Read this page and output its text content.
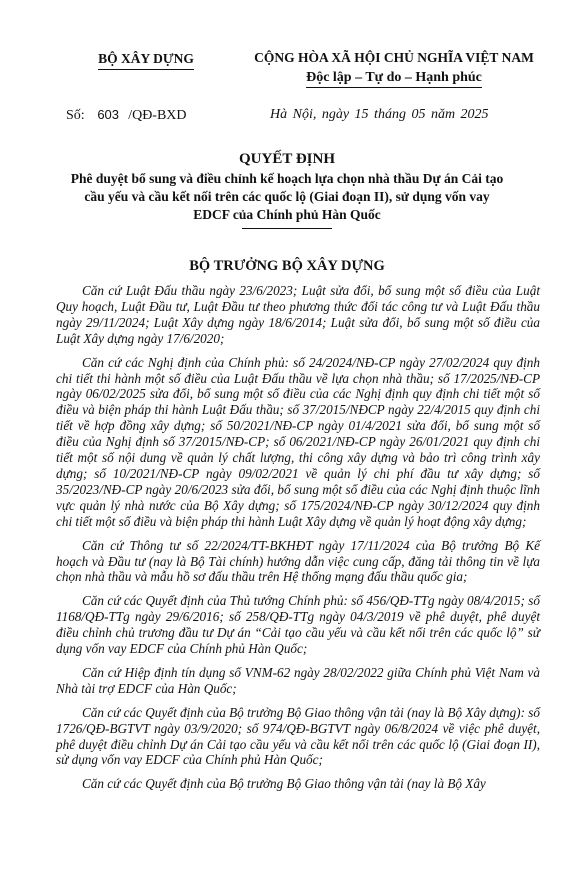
BỘ XÂY DỰNG	CỘNG HÒA XÃ HỘI CHỦ NGHĨA VIỆT NAM
Độc lập – Tự do – Hạnh phúc
Số: 603 /QĐ-BXD	Hà Nội, ngày 15 tháng 05 năm 2025
QUYẾT ĐỊNH
Phê duyệt bổ sung và điều chỉnh kế hoạch lựa chọn nhà thầu Dự án Cải tạo
cầu yếu và cầu kết nối trên các quốc lộ (Giai đoạn II), sử dụng vốn vay
EDCF của Chính phủ Hàn Quốc
BỘ TRƯỞNG BỘ XÂY DỰNG

Căn cứ Luật Đấu thầu ngày 23/6/2023; Luật sửa đổi, bổ sung một số điều của Luật Quy hoạch, Luật Đầu tư, Luật Đầu tư theo phương thức đối tác công tư và Luật Đấu thầu ngày 29/11/2024; Luật Xây dựng ngày 18/6/2014; Luật sửa đổi, bổ sung một số điều của Luật Xây dựng ngày 17/6/2020;

Căn cứ các Nghị định của Chính phủ: số 24/2024/NĐ-CP ngày 27/02/2024 quy định chi tiết thi hành một số điều của Luật Đấu thầu về lựa chọn nhà thầu; số 17/2025/NĐ-CP ngày 06/02/2025 sửa đổi, bổ sung một số điều của các Nghị định quy định chi tiết một số điều và biện pháp thi hành Luật Đấu thầu; số 37/2015/NĐCP ngày 22/4/2015 quy định chi tiết về hợp đồng xây dựng; số 50/2021/NĐ-CP ngày 01/4/2021 sửa đổi, bổ sung một số điều của Nghị định số 37/2015/NĐ-CP; số 06/2021/NĐ-CP ngày 26/01/2021 quy định chi tiết một số nội dung về quản lý chất lượng, thi công xây dựng và bảo trì công trình xây dựng; số 10/2021/NĐ-CP ngày 09/02/2021 về quản lý chi phí đầu tư xây dựng; số 35/2023/NĐ-CP ngày 20/6/2023 sửa đổi, bổ sung một số điều của các Nghị định thuộc lĩnh vực quản lý nhà nước của Bộ Xây dựng; số 175/2024/NĐ-CP ngày 30/12/2024 quy định chi tiết một số điều và biện pháp thi hành Luật Xây dựng về quản lý hoạt động xây dựng;

Căn cứ Thông tư số 22/2024/TT-BKHĐT ngày 17/11/2024 của Bộ trưởng Bộ Kế hoạch và Đầu tư (nay là Bộ Tài chính) hướng dẫn việc cung cấp, đăng tải thông tin về lựa chọn nhà thầu và mẫu hồ sơ đấu thầu trên Hệ thống mạng đấu thầu quốc gia;

Căn cứ các Quyết định của Thủ tướng Chính phủ: số 456/QĐ-TTg ngày 08/4/2015; số 1168/QĐ-TTg ngày 29/6/2016; số 258/QĐ-TTg ngày 04/3/2019 về phê duyệt, phê duyệt điều chỉnh chủ trương đầu tư Dự án “Cải tạo cầu yếu và cầu kết nối trên các quốc lộ” sử dụng vốn vay EDCF của Chính phủ Hàn Quốc;

Căn cứ Hiệp định tín dụng số VNM-62 ngày 28/02/2022 giữa Chính phủ Việt Nam và Nhà tài trợ EDCF của Hàn Quốc;

Căn cứ các Quyết định của Bộ trưởng Bộ Giao thông vận tải (nay là Bộ Xây dựng): số 1726/QĐ-BGTVT ngày 03/9/2020; số 974/QĐ-BGTVT ngày 06/8/2024 về việc phê duyệt, phê duyệt điều chỉnh Dự án Cải tạo cầu yếu và cầu kết nối trên các quốc lộ (Giai đoạn II), sử dụng vốn vay EDCF của Chính phủ Hàn Quốc;

Căn cứ các Quyết định của Bộ trưởng Bộ Giao thông vận tải (nay là Bộ Xây
